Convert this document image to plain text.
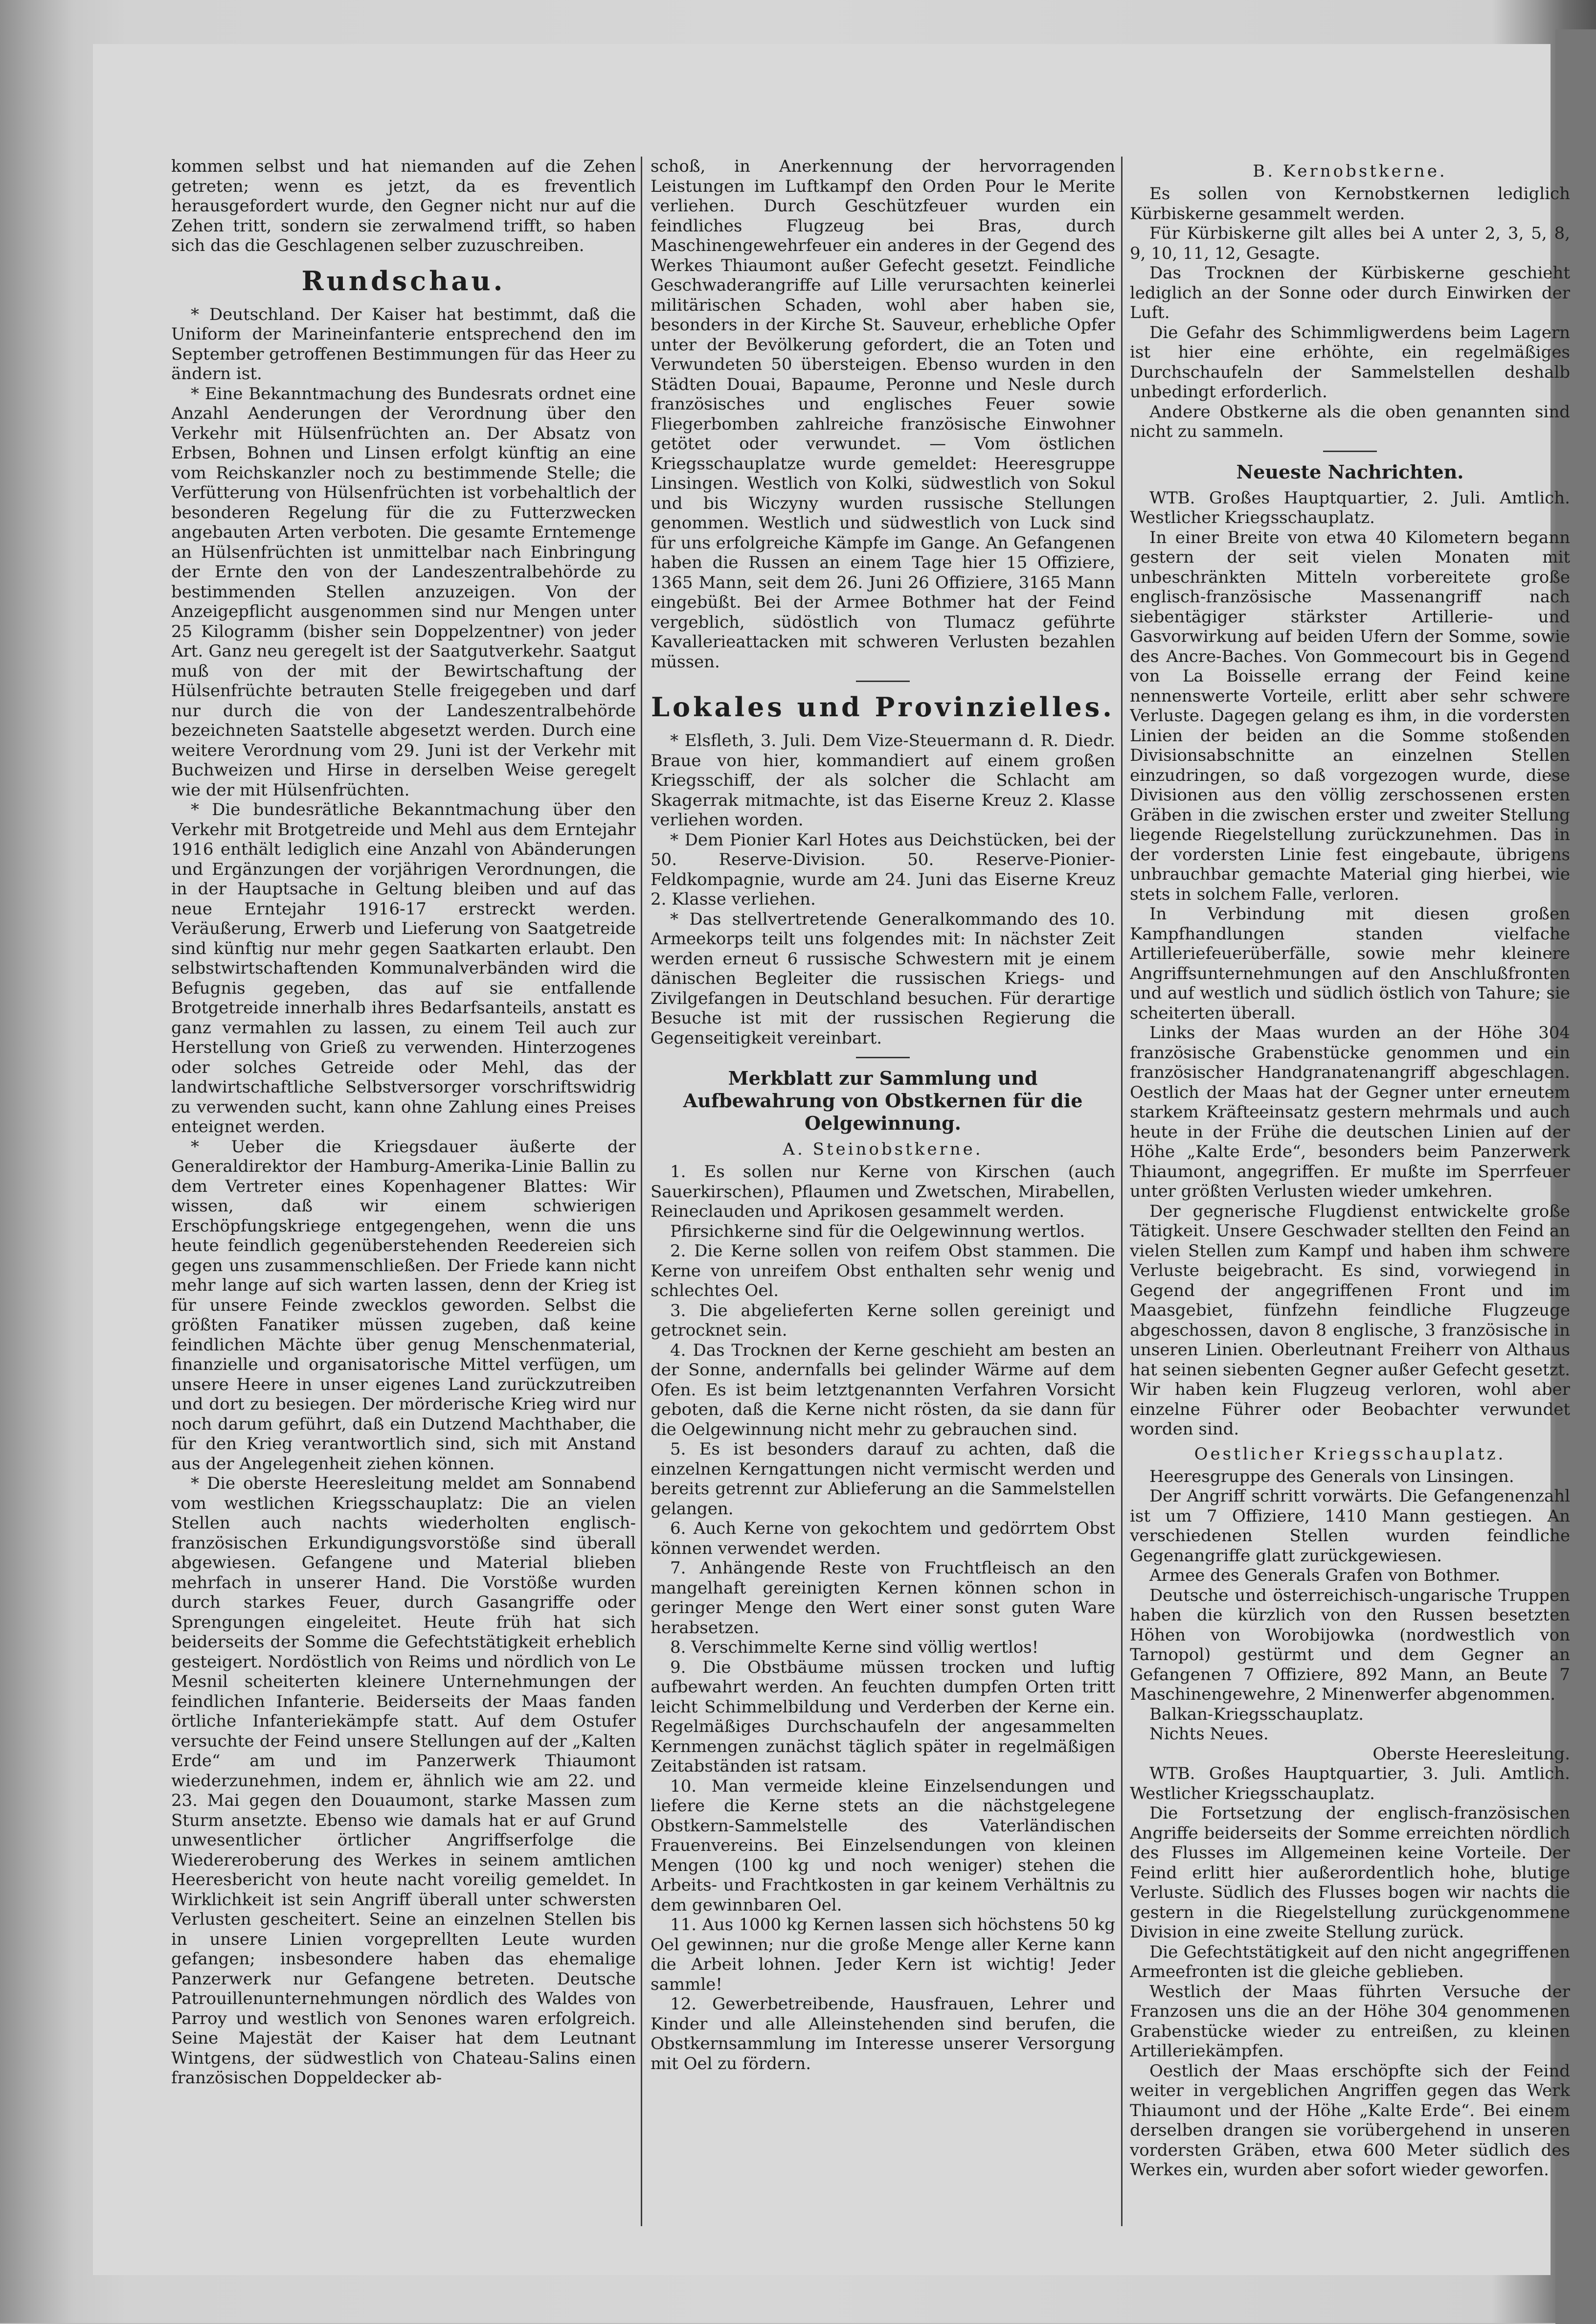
kommen selbst und hat niemanden auf die Zehen getreten; wenn es jetzt, da es freventlich herausgefordert wurde, den Gegner nicht nur auf die Zehen tritt, sondern sie zerwalmend trifft, so haben sich das die Geschlagenen selber zuzuschreiben.

Rundschau.

* Deutschland. Der Kaiser hat bestimmt, daß die Uniform der Marineinfanterie entsprechend den im September getroffenen Bestimmungen für das Heer zu ändern ist.

* Eine Bekanntmachung des Bundesrats ordnet eine Anzahl Aenderungen der Verordnung über den Verkehr mit Hülsenfrüchten an. Der Absatz von Erbsen, Bohnen und Linsen erfolgt künftig an eine vom Reichskanzler noch zu bestimmende Stelle; die Verfütterung von Hülsenfrüchten ist vorbehaltlich der besonderen Regelung für die zu Futterzwecken angebauten Arten verboten. Die gesamte Erntemenge an Hülsenfrüchten ist unmittelbar nach Einbringung der Ernte den von der Landeszentralbehörde zu bestimmenden Stellen anzuzeigen. Von der Anzeigepflicht ausgenommen sind nur Mengen unter 25 Kilogramm (bisher sein Doppelzentner) von jeder Art. Ganz neu geregelt ist der Saatgutverkehr. Saatgut muß von der mit der Bewirtschaftung der Hülsenfrüchte betrauten Stelle freigegeben und darf nur durch die von der Landeszentralbehörde bezeichneten Saatstelle abgesetzt werden. Durch eine weitere Verordnung vom 29. Juni ist der Verkehr mit Buchweizen und Hirse in derselben Weise geregelt wie der mit Hülsenfrüchten.

* Die bundesrätliche Bekanntmachung über den Verkehr mit Brotgetreide und Mehl aus dem Erntejahr 1916 enthält lediglich eine Anzahl von Abänderungen und Ergänzungen der vorjährigen Verordnungen, die in der Hauptsache in Geltung bleiben und auf das neue Erntejahr 1916-17 erstreckt werden. Veräußerung, Erwerb und Lieferung von Saatgetreide sind künftig nur mehr gegen Saatkarten erlaubt. Den selbstwirtschaftenden Kommunalverbänden wird die Befugnis gegeben, das auf sie entfallende Brotgetreide innerhalb ihres Bedarfsanteils, anstatt es ganz vermahlen zu lassen, zu einem Teil auch zur Herstellung von Grieß zu verwenden. Hinterzogenes oder solches Getreide oder Mehl, das der landwirtschaftliche Selbstversorger vorschriftswidrig zu verwenden sucht, kann ohne Zahlung eines Preises enteignet werden.

* Ueber die Kriegsdauer äußerte der Generaldirektor der Hamburg-Amerika-Linie Ballin zu dem Vertreter eines Kopenhagener Blattes: Wir wissen, daß wir einem schwierigen Erschöpfungskriege entgegengehen, wenn die uns heute feindlich gegenüberstehenden Reedereien sich gegen uns zusammenschließen. Der Friede kann nicht mehr lange auf sich warten lassen, denn der Krieg ist für unsere Feinde zwecklos geworden. Selbst die größten Fanatiker müssen zugeben, daß keine feindlichen Mächte über genug Menschenmaterial, finanzielle und organisatorische Mittel verfügen, um unsere Heere in unser eigenes Land zurückzutreiben und dort zu besiegen. Der mörderische Krieg wird nur noch darum geführt, daß ein Dutzend Machthaber, die für den Krieg verantwortlich sind, sich mit Anstand aus der Angelegenheit ziehen können.

* Die oberste Heeresleitung meldet am Sonnabend vom westlichen Kriegsschauplatz: Die an vielen Stellen auch nachts wiederholten englisch-französischen Erkundigungsvorstöße sind überall abgewiesen. Gefangene und Material blieben mehrfach in unserer Hand. Die Vorstöße wurden durch starkes Feuer, durch Gasangriffe oder Sprengungen eingeleitet. Heute früh hat sich beiderseits der Somme die Gefechtstätigkeit erheblich gesteigert. Nordöstlich von Reims und nördlich von Le Mesnil scheiterten kleinere Unternehmungen der feindlichen Infanterie. Beiderseits der Maas fanden örtliche Infanteriekämpfe statt. Auf dem Ostufer versuchte der Feind unsere Stellungen auf der „Kalten Erde“ am und im Panzerwerk Thiaumont wiederzunehmen, indem er, ähnlich wie am 22. und 23. Mai gegen den Douaumont, starke Massen zum Sturm ansetzte. Ebenso wie damals hat er auf Grund unwesentlicher örtlicher Angriffserfolge die Wiedereroberung des Werkes in seinem amtlichen Heeresbericht von heute nacht voreilig gemeldet. In Wirklichkeit ist sein Angriff überall unter schwersten Verlusten gescheitert. Seine an einzelnen Stellen bis in unsere Linien vorgeprellten Leute wurden gefangen; insbesondere haben das ehemalige Panzerwerk nur Gefangene betreten. Deutsche Patrouillenunternehmungen nördlich des Waldes von Parroy und westlich von Senones waren erfolgreich. Seine Majestät der Kaiser hat dem Leutnant Wintgens, der südwestlich von Chateau-Salins einen französischen Doppeldecker ab-

schoß, in Anerkennung der hervorragenden Leistungen im Luftkampf den Orden Pour le Merite verliehen. Durch Geschützfeuer wurden ein feindliches Flugzeug bei Bras, durch Maschinengewehrfeuer ein anderes in der Gegend des Werkes Thiaumont außer Gefecht gesetzt. Feindliche Geschwaderangriffe auf Lille verursachten keinerlei militärischen Schaden, wohl aber haben sie, besonders in der Kirche St. Sauveur, erhebliche Opfer unter der Bevölkerung gefordert, die an Toten und Verwundeten 50 übersteigen. Ebenso wurden in den Städten Douai, Bapaume, Peronne und Nesle durch französisches und englisches Feuer sowie Fliegerbomben zahlreiche französische Einwohner getötet oder verwundet. — Vom östlichen Kriegsschauplatze wurde gemeldet: Heeresgruppe Linsingen. Westlich von Kolki, südwestlich von Sokul und bis Wiczyny wurden russische Stellungen genommen. Westlich und südwestlich von Luck sind für uns erfolgreiche Kämpfe im Gange. An Gefangenen haben die Russen an einem Tage hier 15 Offiziere, 1365 Mann, seit dem 26. Juni 26 Offiziere, 3165 Mann eingebüßt. Bei der Armee Bothmer hat der Feind vergeblich, südöstlich von Tlumacz geführte Kavallerieattacken mit schweren Verlusten bezahlen müssen.

Lokales und Provinzielles.

* Elsfleth, 3. Juli. Dem Vize-Steuermann d. R. Diedr. Braue von hier, kommandiert auf einem großen Kriegsschiff, der als solcher die Schlacht am Skagerrak mitmachte, ist das Eiserne Kreuz 2. Klasse verliehen worden.

* Dem Pionier Karl Hotes aus Deichstücken, bei der 50. Reserve-Division. 50. Reserve-Pionier-Feldkompagnie, wurde am 24. Juni das Eiserne Kreuz 2. Klasse verliehen.

* Das stellvertretende Generalkommando des 10. Armeekorps teilt uns folgendes mit: In nächster Zeit werden erneut 6 russische Schwestern mit je einem dänischen Begleiter die russischen Kriegs- und Zivilgefangen in Deutschland besuchen. Für derartige Besuche ist mit der russischen Regierung die Gegenseitigkeit vereinbart.

Merkblatt zur Sammlung und Aufbewahrung von Obstkernen für die Oelgewinnung.
A. Steinobstkerne.

1. Es sollen nur Kerne von Kirschen (auch Sauerkirschen), Pflaumen und Zwetschen, Mirabellen, Reineclauden und Aprikosen gesammelt werden.

Pfirsichkerne sind für die Oelgewinnung wertlos.

2. Die Kerne sollen von reifem Obst stammen. Die Kerne von unreifem Obst enthalten sehr wenig und schlechtes Oel.

3. Die abgelieferten Kerne sollen gereinigt und getrocknet sein.

4. Das Trocknen der Kerne geschieht am besten an der Sonne, andernfalls bei gelinder Wärme auf dem Ofen. Es ist beim letztgenannten Verfahren Vorsicht geboten, daß die Kerne nicht rösten, da sie dann für die Oelgewinnung nicht mehr zu gebrauchen sind.

5. Es ist besonders darauf zu achten, daß die einzelnen Kerngattungen nicht vermischt werden und bereits getrennt zur Ablieferung an die Sammelstellen gelangen.

6. Auch Kerne von gekochtem und gedörrtem Obst können verwendet werden.

7. Anhängende Reste von Fruchtfleisch an den mangelhaft gereinigten Kernen können schon in geringer Menge den Wert einer sonst guten Ware herabsetzen.

8. Verschimmelte Kerne sind völlig wertlos!

9. Die Obstbäume müssen trocken und luftig aufbewahrt werden. An feuchten dumpfen Orten tritt leicht Schimmelbildung und Verderben der Kerne ein. Regelmäßiges Durchschaufeln der angesammelten Kernmengen zunächst täglich später in regelmäßigen Zeitabständen ist ratsam.

10. Man vermeide kleine Einzelsendungen und liefere die Kerne stets an die nächstgelegene Obstkern-Sammelstelle des Vaterländischen Frauenvereins. Bei Einzelsendungen von kleinen Mengen (100 kg und noch weniger) stehen die Arbeits- und Frachtkosten in gar keinem Verhältnis zu dem gewinnbaren Oel.

11. Aus 1000 kg Kernen lassen sich höchstens 50 kg Oel gewinnen; nur die große Menge aller Kerne kann die Arbeit lohnen. Jeder Kern ist wichtig! Jeder sammle!

12. Gewerbetreibende, Hausfrauen, Lehrer und Kinder und alle Alleinstehenden sind berufen, die Obstkernsammlung im Interesse unserer Versorgung mit Oel zu fördern.

B. Kernobstkerne.

Es sollen von Kernobstkernen lediglich Kürbiskerne gesammelt werden.

Für Kürbiskerne gilt alles bei A unter 2, 3, 5, 8, 9, 10, 11, 12, Gesagte.

Das Trocknen der Kürbiskerne geschieht lediglich an der Sonne oder durch Einwirken der Luft.

Die Gefahr des Schimmligwerdens beim Lagern ist hier eine erhöhte, ein regelmäßiges Durchschaufeln der Sammelstellen deshalb unbedingt erforderlich.

Andere Obstkerne als die oben genannten sind nicht zu sammeln.

Neueste Nachrichten.

WTB. Großes Hauptquartier, 2. Juli. Amtlich. Westlicher Kriegsschauplatz.

In einer Breite von etwa 40 Kilometern begann gestern der seit vielen Monaten mit unbeschränkten Mitteln vorbereitete große englisch-französische Massenangriff nach siebentägiger stärkster Artillerie- und Gasvorwirkung auf beiden Ufern der Somme, sowie des Ancre-Baches. Von Gommecourt bis in Gegend von La Boisselle errang der Feind keine nennenswerte Vorteile, erlitt aber sehr schwere Verluste. Dagegen gelang es ihm, in die vordersten Linien der beiden an die Somme stoßenden Divisionsabschnitte an einzelnen Stellen einzudringen, so daß vorgezogen wurde, diese Divisionen aus den völlig zerschossenen ersten Gräben in die zwischen erster und zweiter Stellung liegende Riegelstellung zurückzunehmen. Das in der vordersten Linie fest eingebaute, übrigens unbrauchbar gemachte Material ging hierbei, wie stets in solchem Falle, verloren.

In Verbindung mit diesen großen Kampfhandlungen standen vielfache Artilleriefeuerüberfälle, sowie mehr kleinere Angriffsunternehmungen auf den Anschlußfronten und auf westlich und südlich östlich von Tahure; sie scheiterten überall.

Links der Maas wurden an der Höhe 304 französische Grabenstücke genommen und ein französischer Handgranatenangriff abgeschlagen. Oestlich der Maas hat der Gegner unter erneutem starkem Kräfteeinsatz gestern mehrmals und auch heute in der Frühe die deutschen Linien auf der Höhe „Kalte Erde“, besonders beim Panzerwerk Thiaumont, angegriffen. Er mußte im Sperrfeuer unter größten Verlusten wieder umkehren.

Der gegnerische Flugdienst entwickelte große Tätigkeit. Unsere Geschwader stellten den Feind an vielen Stellen zum Kampf und haben ihm schwere Verluste beigebracht. Es sind, vorwiegend in Gegend der angegriffenen Front und im Maasgebiet, fünfzehn feindliche Flugzeuge abgeschossen, davon 8 englische, 3 französische in unseren Linien. Oberleutnant Freiherr von Althaus hat seinen siebenten Gegner außer Gefecht gesetzt. Wir haben kein Flugzeug verloren, wohl aber einzelne Führer oder Beobachter verwundet worden sind.

Oestlicher Kriegsschauplatz.

Heeresgruppe des Generals von Linsingen.

Der Angriff schritt vorwärts. Die Gefangenenzahl ist um 7 Offiziere, 1410 Mann gestiegen. An verschiedenen Stellen wurden feindliche Gegenangriffe glatt zurückgewiesen.

Armee des Generals Grafen von Bothmer.

Deutsche und österreichisch-ungarische Truppen haben die kürzlich von den Russen besetzten Höhen von Worobijowka (nordwestlich von Tarnopol) gestürmt und dem Gegner an Gefangenen 7 Offiziere, 892 Mann, an Beute 7 Maschinengewehre, 2 Minenwerfer abgenommen.

Balkan-Kriegsschauplatz.

Nichts Neues.

Oberste Heeresleitung.

WTB. Großes Hauptquartier, 3. Juli. Amtlich. Westlicher Kriegsschauplatz.

Die Fortsetzung der englisch-französischen Angriffe beiderseits der Somme erreichten nördlich des Flusses im Allgemeinen keine Vorteile. Der Feind erlitt hier außerordentlich hohe, blutige Verluste. Südlich des Flusses bogen wir nachts die gestern in die Riegelstellung zurückgenommene Division in eine zweite Stellung zurück.

Die Gefechtstätigkeit auf den nicht angegriffenen Armeefronten ist die gleiche geblieben.

Westlich der Maas führten Versuche der Franzosen uns die an der Höhe 304 genommenen Grabenstücke wieder zu entreißen, zu kleinen Artilleriekämpfen.

Oestlich der Maas erschöpfte sich der Feind weiter in vergeblichen Angriffen gegen das Werk Thiaumont und der Höhe „Kalte Erde“. Bei einem derselben drangen sie vorübergehend in unseren vordersten Gräben, etwa 600 Meter südlich des Werkes ein, wurden aber sofort wieder geworfen.
